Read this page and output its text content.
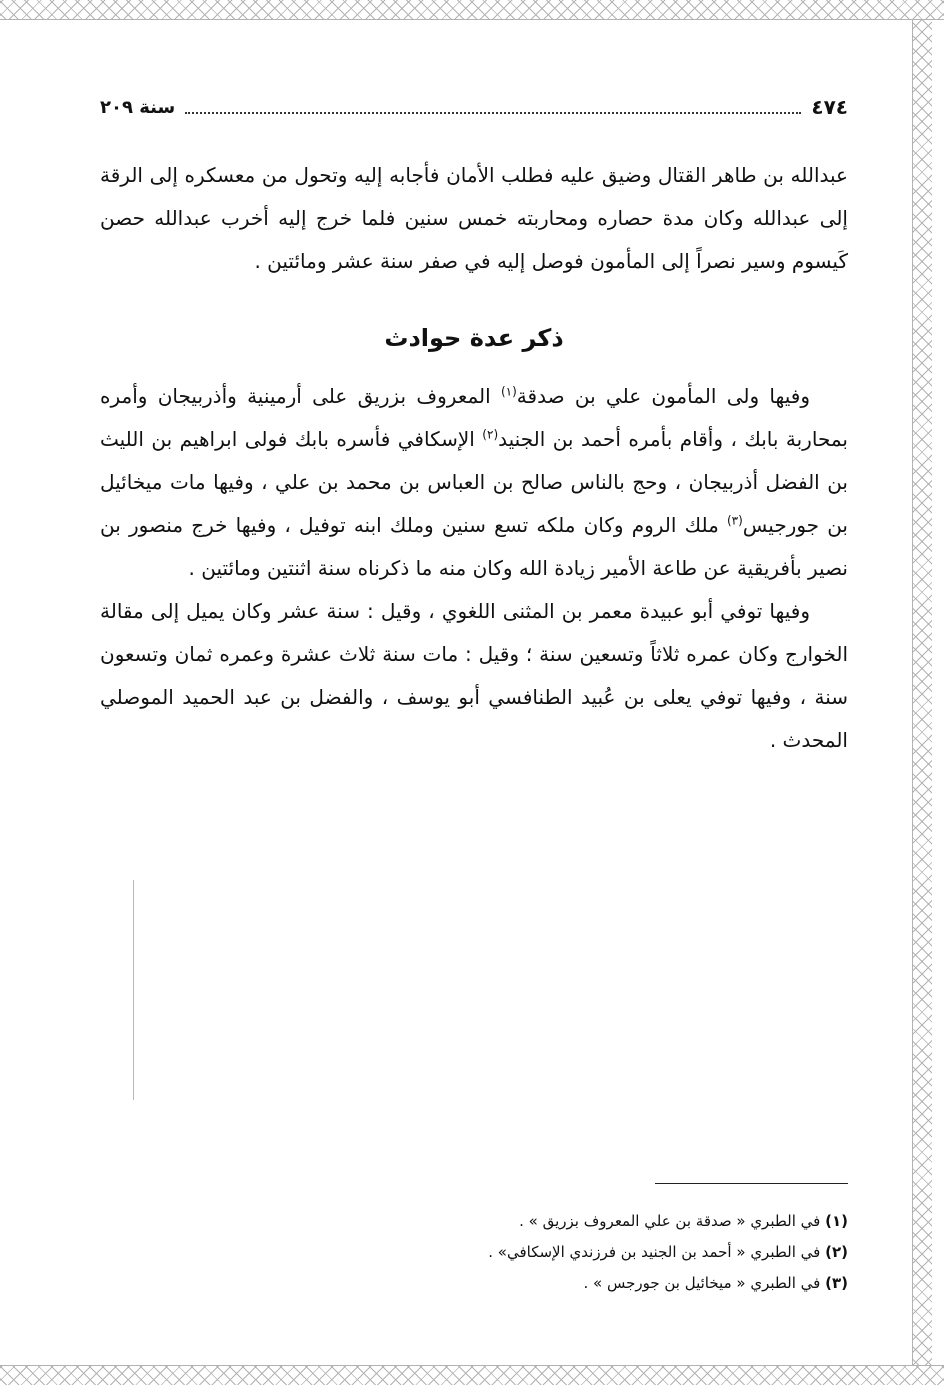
٤٧٤
سنة ٢٠٩

عبدالله بن طاهر القتال وضيق عليه فطلب الأمان فأجابه إليه وتحول من معسكره إلى الرقة إلى عبدالله وكان مدة حصاره ومحاربته خمس سنين فلما خرج إليه أخرب عبدالله حصن كَيسوم وسير نصراً إلى المأمون فوصل إليه في صفر سنة عشر ومائتين .

ذكر عدة حوادث

وفيها ولى المأمون علي بن صدقة$^{(١)}$ المعروف بزريق على أرمينية وأذربيجان وأمره بمحاربة بابك ، وأقام بأمره أحمد بن الجنيد$^{(٢)}$ الإسكافي فأسره بابك فولى ابراهيم بن الليث بن الفضل أذربيجان ، وحج بالناس صالح بن العباس بن محمد بن علي ، وفيها مات ميخائيل بن جورجيس$^{(٣)}$ ملك الروم وكان ملكه تسع سنين وملك ابنه توفيل ، وفيها خرج منصور بن نصير بأفريقية عن طاعة الأمير زيادة الله وكان منه ما ذكرناه سنة اثنتين ومائتين .

وفيها توفي أبو عبيدة معمر بن المثنى اللغوي ، وقيل : سنة عشر وكان يميل إلى مقالة الخوارج وكان عمره ثلاثاً وتسعين سنة ؛ وقيل : مات سنة ثلاث عشرة وعمره ثمان وتسعون سنة ، وفيها توفي يعلى بن عُبيد الطنافسي أبو يوسف ، والفضل بن عبد الحميد الموصلي المحدث .

(١) في الطبري « صدقة بن علي المعروف بزريق » .
(٢) في الطبري « أحمد بن الجنيد بن فرزندي الإسكافي» .
(٣) في الطبري « ميخائيل بن جورجس » .
